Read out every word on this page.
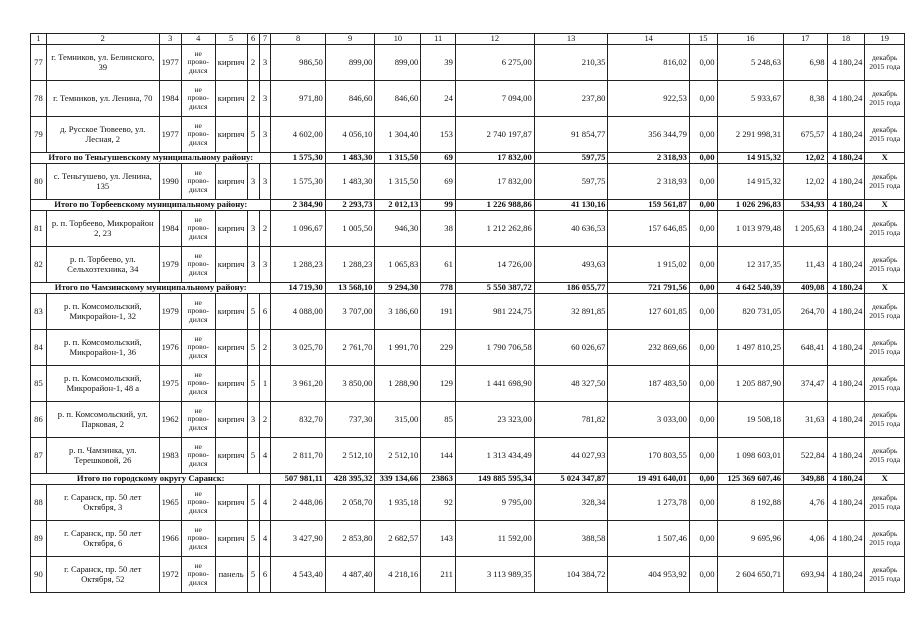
1	2	3	4	5	6	7	8	9	10	11	12	13	14	15	16	17	18	19
77	г. Темников, ул. Белинского, 39	1977	не прово-дился	кирпич	2	3	986,50	899,00	899,00	39	6 275,00	210,35	816,02	0,00	5 248,63	6,98	4 180,24	декабрь 2015 года
78	г. Темников, ул. Ленина, 70	1984	не прово-дился	кирпич	2	3	971,80	846,60	846,60	24	7 094,00	237,80	922,53	0,00	5 933,67	8,38	4 180,24	декабрь 2015 года
79	д. Русское Тювеево, ул. Лесная, 2	1977	не прово-дился	кирпич	5	3	4 602,00	4 056,10	1 304,40	153	2 740 197,87	91 854,77	356 344,79	0,00	2 291 998,31	675,57	4 180,24	декабрь 2015 года
Итого по Теньгушевскому муниципальному району:							1 575,30	1 483,30	1 315,50	69	17 832,00	597,75	2 318,93	0,00	14 915,32	12,02	4 180,24	Х
80	с. Теньгушево, ул. Ленина, 135	1990	не прово-дился	кирпич	3	3	1 575,30	1 483,30	1 315,50	69	17 832,00	597,75	2 318,93	0,00	14 915,32	12,02	4 180,24	декабрь 2015 года
Итого по Торбеевскому муниципальному району:							2 384,90	2 293,73	2 012,13	99	1 226 988,86	41 130,16	159 561,87	0,00	1 026 296,83	534,93	4 180,24	Х
81	р. п. Торбеево, Микрорайон 2, 23	1984	не прово-дился	кирпич	3	2	1 096,67	1 005,50	946,30	38	1 212 262,86	40 636,53	157 646,85	0,00	1 013 979,48	1 205,63	4 180,24	декабрь 2015 года
82	р. п. Торбеево, ул. Сельхозтехника, 34	1979	не прово-дился	кирпич	3	3	1 288,23	1 288,23	1 065,83	61	14 726,00	493,63	1 915,02	0,00	12 317,35	11,43	4 180,24	декабрь 2015 года
Итого по Чамзинскому муниципальному району:							14 719,30	13 568,10	9 294,30	778	5 550 387,72	186 055,77	721 791,56	0,00	4 642 540,39	409,08	4 180,24	Х
83	р. п. Комсомольский, Микрорайон-1, 32	1979	не прово-дился	кирпич	5	6	4 088,00	3 707,00	3 186,60	191	981 224,75	32 891,85	127 601,85	0,00	820 731,05	264,70	4 180,24	декабрь 2015 года
84	р. п. Комсомольский, Микрорайон-1, 36	1976	не прово-дился	кирпич	5	2	3 025,70	2 761,70	1 991,70	229	1 790 706,58	60 026,67	232 869,66	0,00	1 497 810,25	648,41	4 180,24	декабрь 2015 года
85	р. п. Комсомольский, Микрорайон-1, 48 а	1975	не прово-дился	кирпич	5	1	3 961,20	3 850,00	1 288,90	129	1 441 698,90	48 327,50	187 483,50	0,00	1 205 887,90	374,47	4 180,24	декабрь 2015 года
86	р. п. Комсомольский, ул. Парковая, 2	1962	не прово-дился	кирпич	3	2	832,70	737,30	315,00	85	23 323,00	781,82	3 033,00	0,00	19 508,18	31,63	4 180,24	декабрь 2015 года
87	р. п. Чамзинка, ул. Терешковой, 26	1983	не прово-дился	кирпич	5	4	2 811,70	2 512,10	2 512,10	144	1 313 434,49	44 027,93	170 803,55	0,00	1 098 603,01	522,84	4 180,24	декабрь 2015 года
Итого по городскому округу Саранск:							507 981,11	428 395,32	339 134,66	23863	149 885 595,34	5 024 347,87	19 491 640,01	0,00	125 369 607,46	349,88	4 180,24	Х
88	г. Саранск, пр. 50 лет Октября, 3	1965	не прово-дился	кирпич	5	4	2 448,06	2 058,70	1 935,18	92	9 795,00	328,34	1 273,78	0,00	8 192,88	4,76	4 180,24	декабрь 2015 года
89	г. Саранск, пр. 50 лет Октября, 6	1966	не прово-дился	кирпич	5	4	3 427,90	2 853,80	2 682,57	143	11 592,00	388,58	1 507,46	0,00	9 695,96	4,06	4 180,24	декабрь 2015 года
90	г. Саранск, пр. 50 лет Октября, 52	1972	не прово-дился	панель	5	6	4 543,40	4 487,40	4 218,16	211	3 113 989,35	104 384,72	404 953,92	0,00	2 604 650,71	693,94	4 180,24	декабрь 2015 года
